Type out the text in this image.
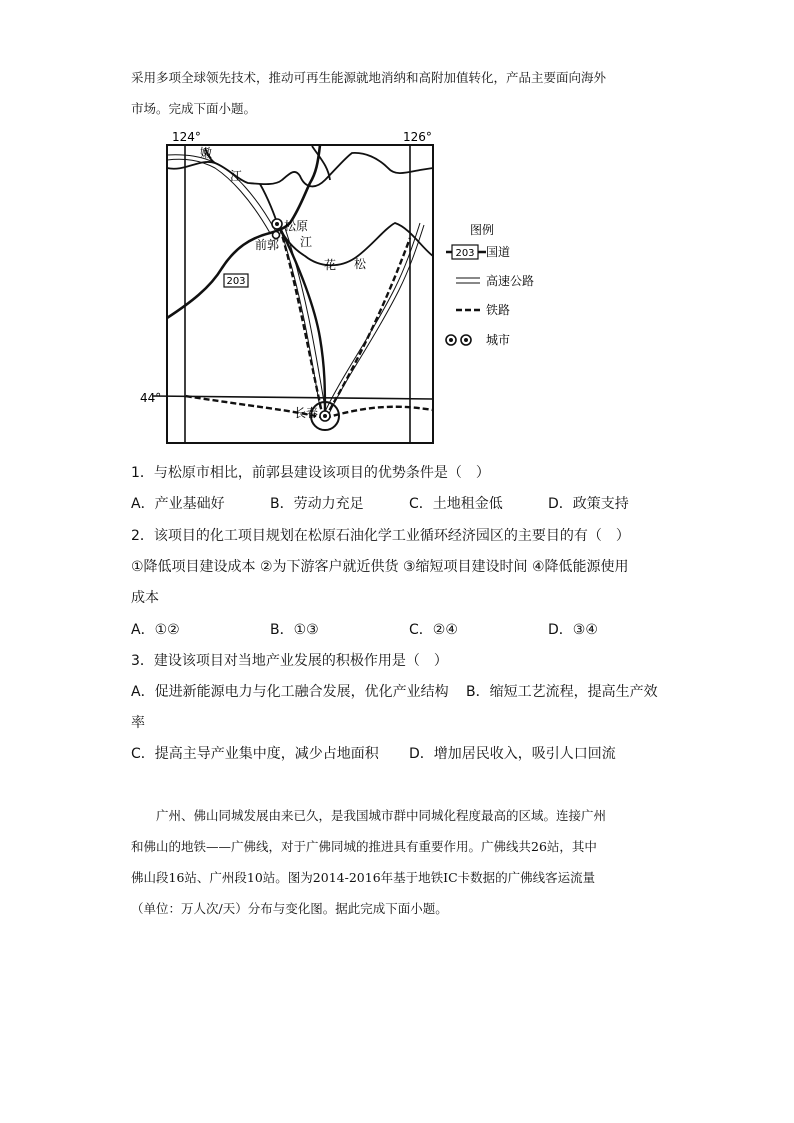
采用多项全球领先技术，推动可再生能源就地消纳和高附加值转化，产品主要面向海外
市场。完成下面小题。
124°	126°
44°
嫩
江
江
花 松
松原
前郭
长春
203
图例
203 国道
高速公路
铁路
城市
1．与松原市相比，前郭县建设该项目的优势条件是（　）
A．产业基础好	B．劳动力充足	C．土地租金低	D．政策支持
2．该项目的化工项目规划在松原石油化学工业循环经济园区的主要目的有（　）
①降低项目建设成本 ②为下游客户就近供货 ③缩短项目建设时间 ④降低能源使用
成本
A．①②	B．①③	C．②④	D．③④
3．建设该项目对当地产业发展的积极作用是（　）
A．促进新能源电力与化工融合发展，优化产业结构 B．缩短工艺流程，提高生产效
率
C．提高主导产业集中度，减少占地面积 D．增加居民收入，吸引人口回流
广州、佛山同城发展由来已久，是我国城市群中同城化程度最高的区域。连接广州
和佛山的地铁——广佛线，对于广佛同城的推进具有重要作用。广佛线共26站，其中
佛山段16站、广州段10站。图为2014-2016年基于地铁IC卡数据的广佛线客运流量
（单位：万人次/天）分布与变化图。据此完成下面小题。
